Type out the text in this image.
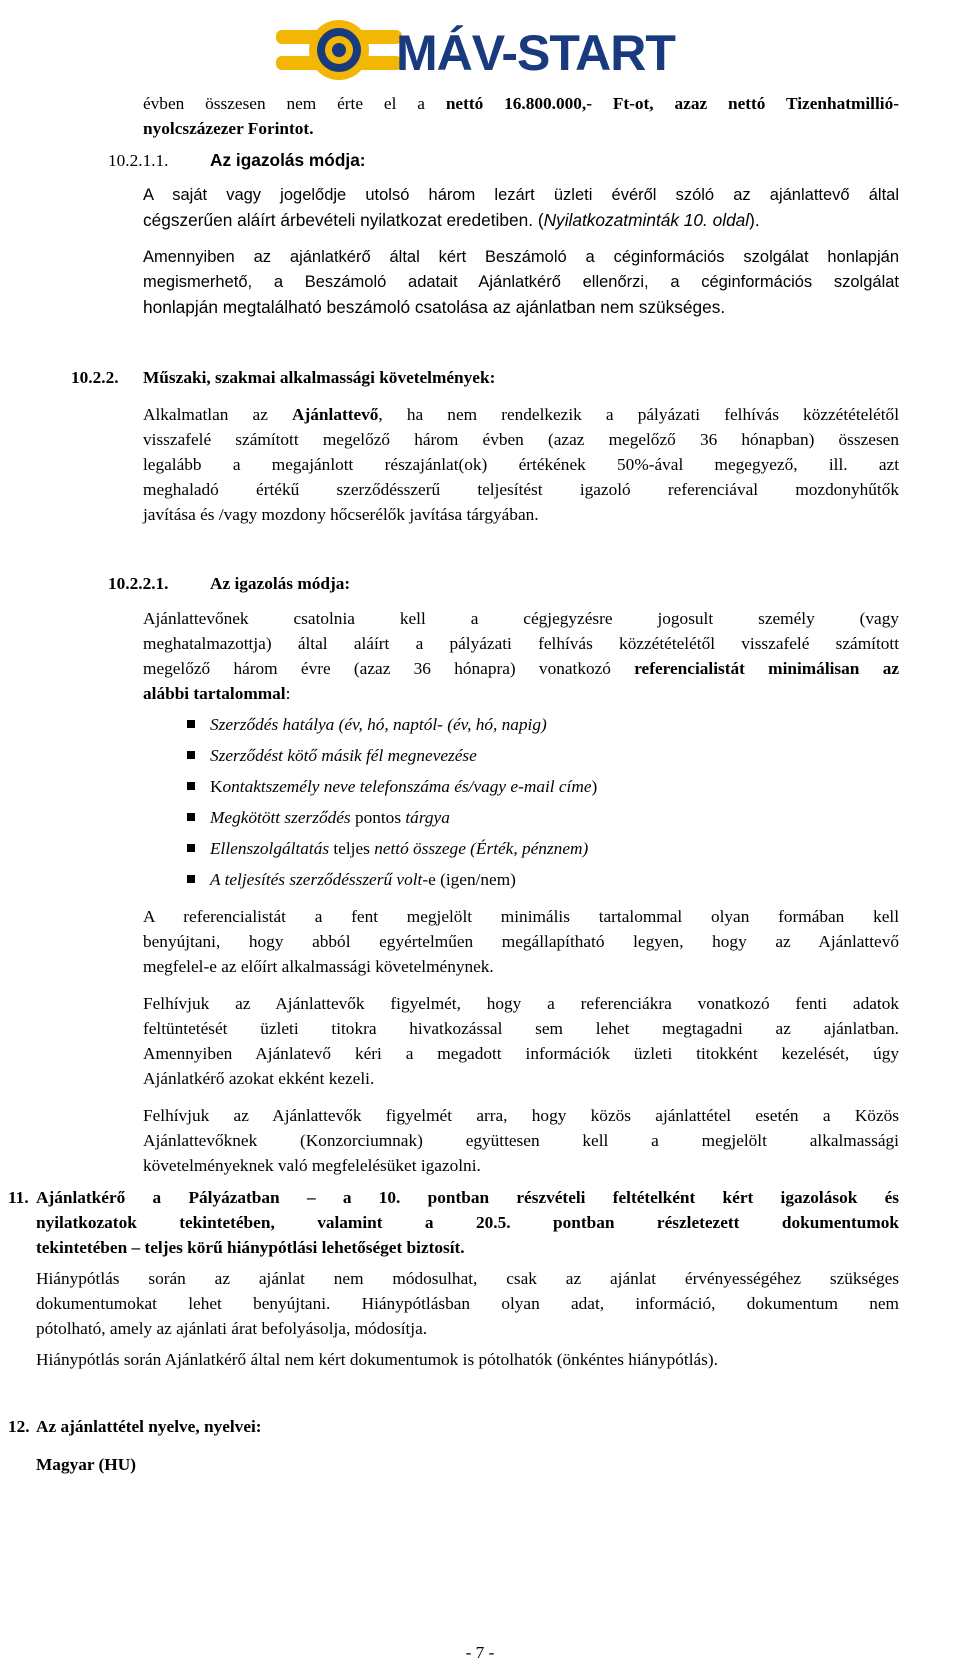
MÁV-START
évben összesen nem érte el a nettó 16.800.000,- Ft-ot, azaz nettó Tizenhatmillió-
nyolcszázezer Forintot.
10.2.1.1. Az igazolás módja:
A saját vagy jogelődje utolsó három lezárt üzleti évéről szóló az ajánlattevő által
cégszerűen aláírt árbevételi nyilatkozat eredetiben. (Nyilatkozatminták 10. oldal).
Amennyiben az ajánlatkérő által kért Beszámoló a céginformációs szolgálat honlapján
megismerhető, a Beszámoló adatait Ajánlatkérő ellenőrzi, a céginformációs szolgálat
honlapján megtalálható beszámoló csatolása az ajánlatban nem szükséges.
10.2.2. Műszaki, szakmai alkalmassági követelmények:
Alkalmatlan az Ajánlattevő, ha nem rendelkezik a pályázati felhívás közzétételétől
visszafelé számított megelőző három évben (azaz megelőző 36 hónapban) összesen
legalább a megajánlott részajánlat(ok) értékének 50%-ával megegyező, ill. azt
meghaladó értékű szerződésszerű teljesítést igazoló referenciával mozdonyhűtők
javítása és /vagy mozdony hőcserélők javítása tárgyában.
10.2.2.1. Az igazolás módja:
Ajánlattevőnek csatolnia kell a cégjegyzésre jogosult személy (vagy
meghatalmazottja) által aláírt a pályázati felhívás közzétételétől visszafelé számított
megelőző három évre (azaz 36 hónapra) vonatkozó referencialistát minimálisan az
alábbi tartalommal:
Szerződés hatálya (év, hó, naptól- (év, hó, napig)
Szerződést kötő másik fél megnevezése
Kontaktszemély neve telefonszáma és/vagy e-mail címe)
Megkötött szerződés pontos tárgya
Ellenszolgáltatás teljes nettó összege (Érték, pénznem)
A teljesítés szerződésszerű volt-e (igen/nem)
A referencialistát a fent megjelölt minimális tartalommal olyan formában kell
benyújtani, hogy abból egyértelműen megállapítható legyen, hogy az Ajánlattevő
megfelel-e az előírt alkalmassági követelménynek.
Felhívjuk az Ajánlattevők figyelmét, hogy a referenciákra vonatkozó fenti adatok
feltüntetését üzleti titokra hivatkozással sem lehet megtagadni az ajánlatban.
Amennyiben Ajánlatevő kéri a megadott információk üzleti titokként kezelését, úgy
Ajánlatkérő azokat ekként kezeli.
Felhívjuk az Ajánlattevők figyelmét arra, hogy közös ajánlattétel esetén a Közös
Ajánlattevőknek (Konzorciumnak) együttesen kell a megjelölt alkalmassági
követelményeknek való megfelelésüket igazolni.
11. Ajánlatkérő a Pályázatban – a 10. pontban részvételi feltételként kért igazolások és
nyilatkozatok tekintetében, valamint a 20.5. pontban részletezett dokumentumok
tekintetében – teljes körű hiánypótlási lehetőséget biztosít.
Hiánypótlás során az ajánlat nem módosulhat, csak az ajánlat érvényességéhez szükséges
dokumentumokat lehet benyújtani. Hiánypótlásban olyan adat, információ, dokumentum nem
pótolható, amely az ajánlati árat befolyásolja, módosítja.
Hiánypótlás során Ajánlatkérő által nem kért dokumentumok is pótolhatók (önkéntes hiánypótlás).
12. Az ajánlattétel nyelve, nyelvei:
Magyar (HU)
- 7 -
